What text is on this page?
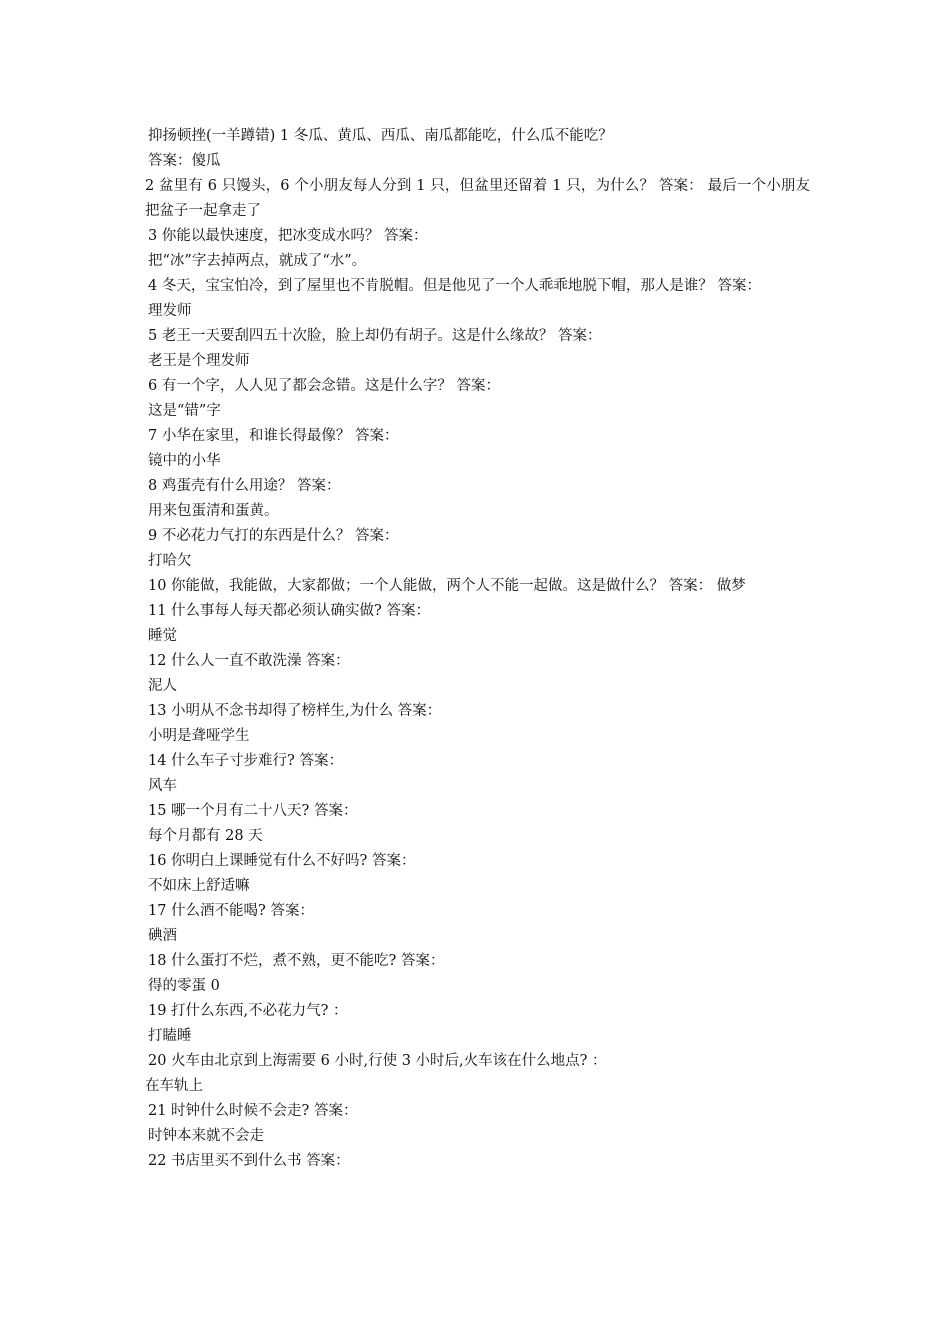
抑扬顿挫(一羊蹲错) 1 冬瓜、黄瓜、西瓜、南瓜都能吃，什么瓜不能吃？

答案：傻瓜

2 盆里有 6 只馒头，6 个小朋友每人分到 1 只，但盆里还留着 1 只，为什么？ 答案： 最后一个小朋友把盆子一起拿走了

3 你能以最快速度，把冰变成水吗？ 答案：

把“冰”字去掉两点，就成了“水”。

4 冬天，宝宝怕冷，到了屋里也不肯脱帽。但是他见了一个人乖乖地脱下帽，那人是谁？ 答案：

理发师

5 老王一天要刮四五十次脸，脸上却仍有胡子。这是什么缘故？ 答案：

老王是个理发师

6 有一个字，人人见了都会念错。这是什么字？ 答案：

这是“错”字

7 小华在家里，和谁长得最像？ 答案：

镜中的小华

8 鸡蛋壳有什么用途？ 答案：

用来包蛋清和蛋黄。

9 不必花力气打的东西是什么？ 答案：

打哈欠

10 你能做，我能做，大家都做；一个人能做，两个人不能一起做。这是做什么？ 答案： 做梦

11 什么事每人每天都必须认确实做? 答案：

睡觉

12 什么人一直不敢洗澡 答案：

泥人

13 小明从不念书却得了榜样生,为什么 答案：

小明是聋哑学生

14 什么车子寸步难行? 答案：

风车

15 哪一个月有二十八天? 答案：

每个月都有 28 天

16 你明白上课睡觉有什么不好吗? 答案：

不如床上舒适嘛

17 什么酒不能喝? 答案：

碘酒

18 什么蛋打不烂，煮不熟，更不能吃? 答案：

得的零蛋 0

19 打什么东西,不必花力气? ：

打瞌睡

20 火车由北京到上海需要 6 小时,行使 3 小时后,火车该在什么地点? ：

在车轨上

21 时钟什么时候不会走? 答案：

时钟本来就不会走

22 书店里买不到什么书 答案：
